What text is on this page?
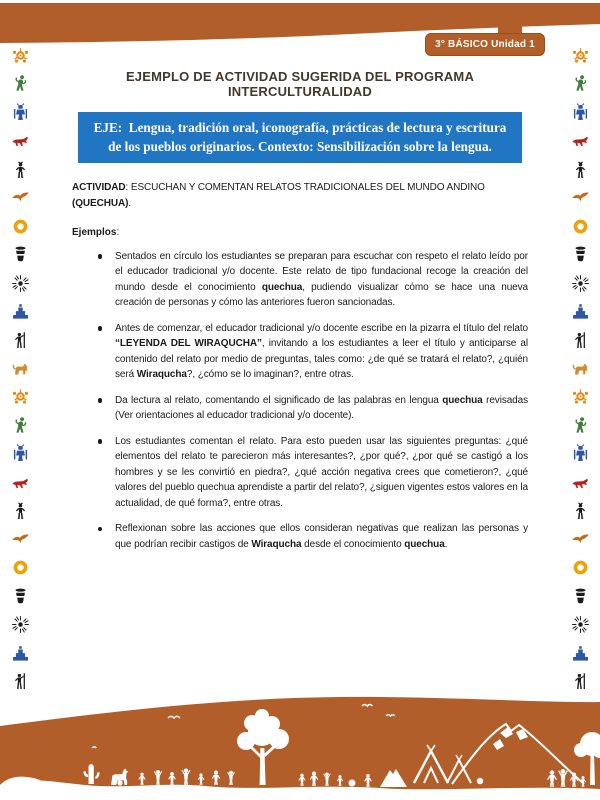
3° BÁSICO Unidad 1

EJEMPLO DE ACTIVIDAD SUGERIDA DEL PROGRAMA INTERCULTURALIDAD

EJE:  Lengua, tradición oral, iconografía, prácticas de lectura y escritura de los pueblos originarios. Contexto: Sensibilización sobre la lengua.

ACTIVIDAD: ESCUCHAN Y COMENTAN RELATOS TRADICIONALES DEL MUNDO ANDINO (QUECHUA).

Ejemplos:

Sentados en círculo los estudiantes se preparan para escuchar con respeto el relato leído por el educador tradicional y/o docente. Este relato de tipo fundacional recoge la creación del mundo desde el conocimiento quechua, pudiendo visualizar cómo se hace una nueva creación de personas y cómo las anteriores fueron sancionadas.
Antes de comenzar, el educador tradicional y/o docente escribe en la pizarra el título del relato “LEYENDA DEL WIRAQUCHA”, invitando a los estudiantes a leer el título y anticiparse al contenido del relato por medio de preguntas, tales como: ¿de qué se tratará el relato?, ¿quién será Wiraqucha?, ¿cómo se lo imaginan?, entre otras.
Da lectura al relato, comentando el significado de las palabras en lengua quechua revisadas (Ver orientaciones al educador tradicional y/o docente).
Los estudiantes comentan el relato. Para esto pueden usar las siguientes preguntas: ¿qué elementos del relato te parecieron más interesantes?, ¿por qué?, ¿por qué se castigó a los hombres y se les convirtió en piedra?, ¿qué acción negativa crees que cometieron?, ¿qué valores del pueblo quechua aprendiste a partir del relato?, ¿siguen vigentes estos valores en la actualidad, de qué forma?, entre otras.
Reflexionan sobre las acciones que ellos consideran negativas que realizan las personas y que podrían recibir castigos de Wiraqucha desde el conocimiento quechua.
